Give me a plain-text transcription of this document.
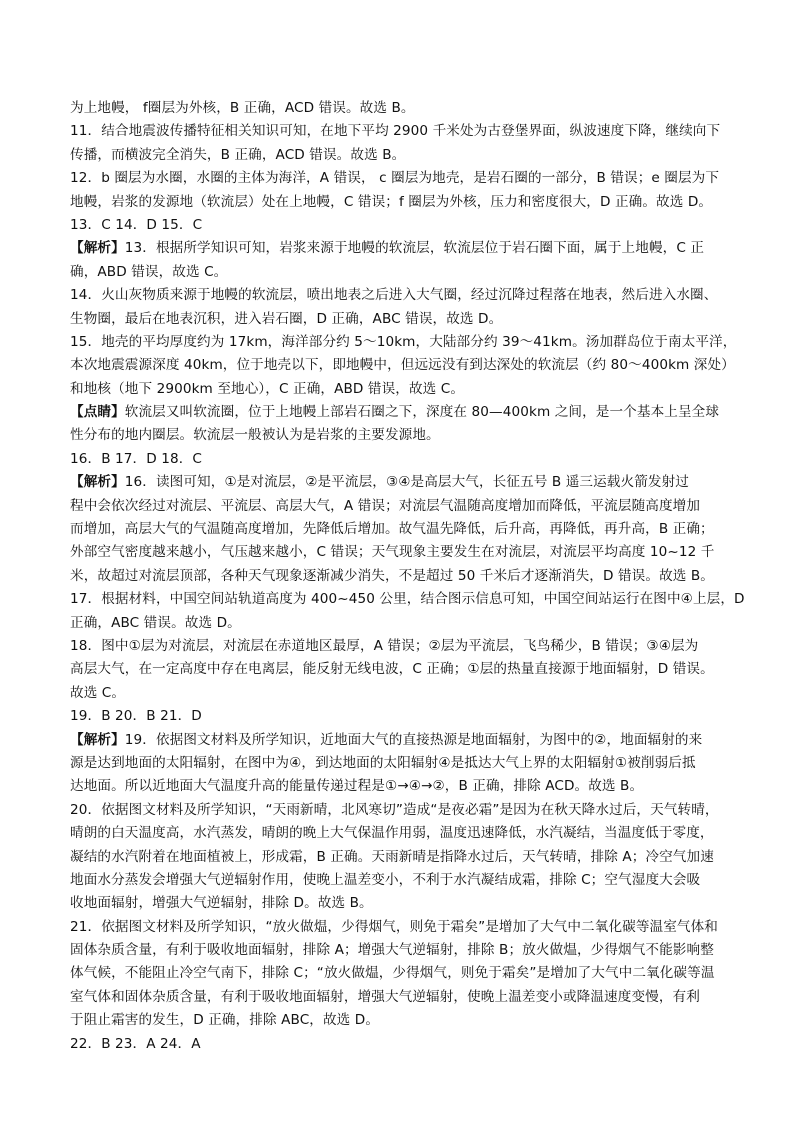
为上地幔， f圈层为外核，B 正确，ACD 错误。故选 B。

11．结合地震波传播特征相关知识可知，在地下平均 2900 千米处为古登堡界面，纵波速度下降，继续向下

传播，而横波完全消失，B 正确，ACD 错误。故选 B。

12．b 圈层为水圈，水圈的主体为海洋，A 错误， c 圈层为地壳，是岩石圈的一部分，B 错误；e 圈层为下

地幔，岩浆的发源地（软流层）处在上地幔，C 错误；f 圈层为外核，压力和密度很大，D 正确。故选 D。

13．C 14．D 15．C

【解析】13．根据所学知识可知，岩浆来源于地幔的软流层，软流层位于岩石圈下面，属于上地幔，C 正

确，ABD 错误，故选 C。

14．火山灰物质来源于地幔的软流层，喷出地表之后进入大气圈，经过沉降过程落在地表，然后进入水圈、

生物圈，最后在地表沉积，进入岩石圈，D 正确，ABC 错误，故选 D。

15．地壳的平均厚度约为 17km，海洋部分约 5～10km，大陆部分约 39～41km。汤加群岛位于南太平洋，

本次地震震源深度 40km，位于地壳以下，即地幔中，但远远没有到达深处的软流层（约 80～400km 深处）

和地核（地下 2900km 至地心），C 正确，ABD 错误，故选 C。

【点睛】软流层又叫软流圈，位于上地幔上部岩石圈之下，深度在 80—400km 之间，是一个基本上呈全球

性分布的地内圈层。软流层一般被认为是岩浆的主要发源地。

16．B 17．D 18．C

【解析】16．读图可知，①是对流层，②是平流层，③④是高层大气，长征五号 B 遥三运载火箭发射过

程中会依次经过对流层、平流层、高层大气，A 错误；对流层气温随高度增加而降低，平流层随高度增加

而增加，高层大气的气温随高度增加，先降低后增加。故气温先降低，后升高，再降低，再升高，B 正确；

外部空气密度越来越小，气压越来越小，C 错误；天气现象主要发生在对流层，对流层平均高度 10~12 千

米，故超过对流层顶部，各种天气现象逐渐减少消失，不是超过 50 千米后才逐渐消失，D 错误。故选 B。

17．根据材料，中国空间站轨道高度为 400~450 公里，结合图示信息可知，中国空间站运行在图中④上层，D

正确，ABC 错误。故选 D。

18．图中①层为对流层，对流层在赤道地区最厚，A 错误；②层为平流层，飞鸟稀少，B 错误；③④层为

高层大气，在一定高度中存在电离层，能反射无线电波，C 正确；①层的热量直接源于地面辐射，D 错误。

故选 C。

19．B 20．B 21．D

【解析】19．依据图文材料及所学知识，近地面大气的直接热源是地面辐射，为图中的②，地面辐射的来

源是达到地面的太阳辐射，在图中为④，到达地面的太阳辐射④是抵达大气上界的太阳辐射①被削弱后抵

达地面。所以近地面大气温度升高的能量传递过程是①→④→②，B 正确，排除 ACD。故选 B。

20．依据图文材料及所学知识，“天雨新晴，北风寒切”造成“是夜必霜”是因为在秋天降水过后，天气转晴，

晴朗的白天温度高，水汽蒸发，晴朗的晚上大气保温作用弱，温度迅速降低，水汽凝结，当温度低于零度，

凝结的水汽附着在地面植被上，形成霜，B 正确。天雨新晴是指降水过后，天气转晴，排除 A；冷空气加速

地面水分蒸发会增强大气逆辐射作用，使晚上温差变小，不利于水汽凝结成霜，排除 C；空气湿度大会吸

收地面辐射，增强大气逆辐射，排除 D。故选 B。

21．依据图文材料及所学知识，“放火做煴，少得烟气，则免于霜矣”是增加了大气中二氧化碳等温室气体和

固体杂质含量，有利于吸收地面辐射，排除 A；增强大气逆辐射，排除 B；放火做煴，少得烟气不能影响整

体气候，不能阻止冷空气南下，排除 C；“放火做煴，少得烟气，则免于霜矣”是增加了大气中二氧化碳等温

室气体和固体杂质含量，有利于吸收地面辐射，增强大气逆辐射，使晚上温差变小或降温速度变慢，有利

于阻止霜害的发生，D 正确，排除 ABC，故选 D。

22．B 23．A 24．A
